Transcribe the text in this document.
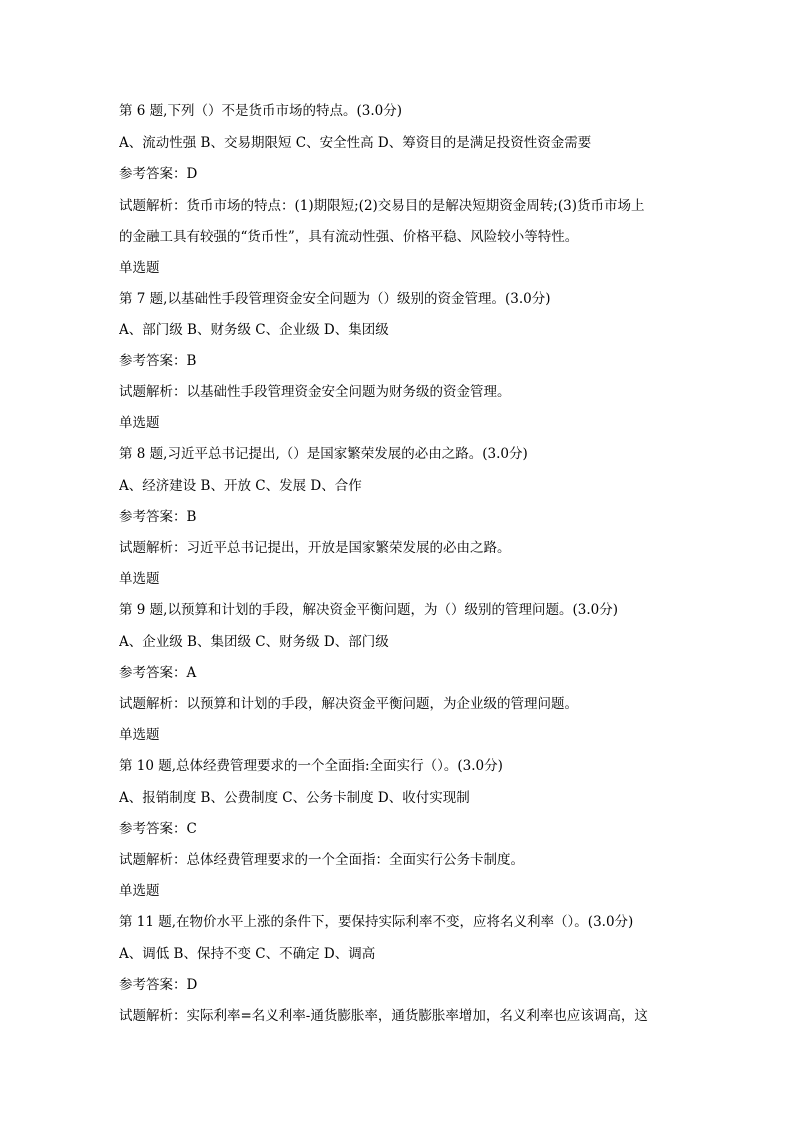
第 6 题,下列（）不是货币市场的特点。(3.0分)
A、流动性强 B、交易期限短 C、安全性高 D、筹资目的是满足投资性资金需要
参考答案：D
试题解析：货币市场的特点：(1)期限短;(2)交易目的是解决短期资金周转;(3)货币市场上
的金融工具有较强的“货币性”，具有流动性强、价格平稳、风险较小等特性。
单选题
第 7 题,以基础性手段管理资金安全问题为（）级别的资金管理。(3.0分)
A、部门级 B、财务级 C、企业级 D、集团级
参考答案：B
试题解析：以基础性手段管理资金安全问题为财务级的资金管理。
单选题
第 8 题,习近平总书记提出,（）是国家繁荣发展的必由之路。(3.0分)
A、经济建设 B、开放 C、发展 D、合作
参考答案：B
试题解析：习近平总书记提出，开放是国家繁荣发展的必由之路。
单选题
第 9 题,以预算和计划的手段，解决资金平衡问题，为（）级别的管理问题。(3.0分)
A、企业级 B、集团级 C、财务级 D、部门级
参考答案：A
试题解析：以预算和计划的手段，解决资金平衡问题，为企业级的管理问题。
单选题
第 10 题,总体经费管理要求的一个全面指:全面实行（）。(3.0分)
A、报销制度 B、公费制度 C、公务卡制度 D、收付实现制
参考答案：C
试题解析：总体经费管理要求的一个全面指：全面实行公务卡制度。
单选题
第 11 题,在物价水平上涨的条件下，要保持实际利率不变，应将名义利率（）。(3.0分)
A、调低 B、保持不变 C、不确定 D、调高
参考答案：D
试题解析：实际利率=名义利率-通货膨胀率，通货膨胀率增加，名义利率也应该调高，这
